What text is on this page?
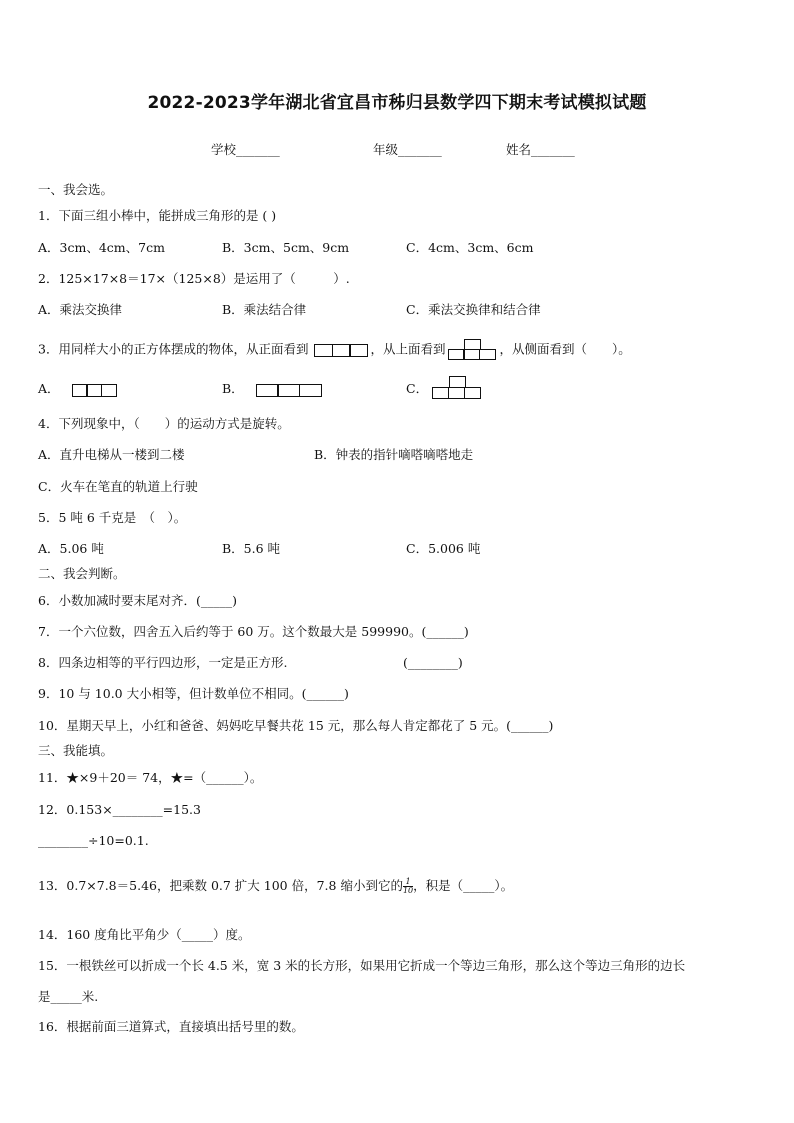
2022-2023学年湖北省宜昌市秭归县数学四下期末考试模拟试题
学校_______	年级_______	姓名_______
一、我会选。
1．下面三组小棒中，能拼成三角形的是 ( )
A．3cm、4cm、7cm	B．3cm、5cm、9cm	C．4cm、3cm、6cm
2．125×17×8＝17×（125×8）是运用了（　　　）.
A．乘法交换律	B．乘法结合律	C．乘法交换律和结合律
3．用同样大小的正方体摆成的物体，从正面看到	，从上面看到	，从侧面看到（　　）。
A．	B．	C．
4．下列现象中，（　　）的运动方式是旋转。
A．直升电梯从一楼到二楼	B．钟表的指针嘀嗒嘀嗒地走
C．火车在笔直的轨道上行驶
5．5 吨 6 千克是　（　）。
A．5.06 吨	B．5.6 吨	C．5.006 吨
二、我会判断。
6．小数加减时要末尾对齐．(_____)
7．一个六位数，四舍五入后约等于 60 万。这个数最大是 599990。(______)
8．四条边相等的平行四边形，一定是正方形.	(________)
9．10 与 10.0 大小相等，但计数单位不相同。(______)
10．星期天早上，小红和爸爸、妈妈吃早餐共花 15 元，那么每人肯定都花了 5 元。(______)
三、我能填。
11．★×9＋20＝ 74，★=（______）。
12．0.153×________=15.3
________÷10=0.1.
13．0.7×7.8＝5.46，把乘数 0.7 扩大 100 倍，7.8 缩小到它的 $\frac{1}{10}$ ，积是（_____）。
14．160 度角比平角少（_____）度。
15．一根铁丝可以折成一个长 4.5 米，宽 3 米的长方形，如果用它折成一个等边三角形，那么这个等边三角形的边长
是_____米.
16．根据前面三道算式，直接填出括号里的数。
